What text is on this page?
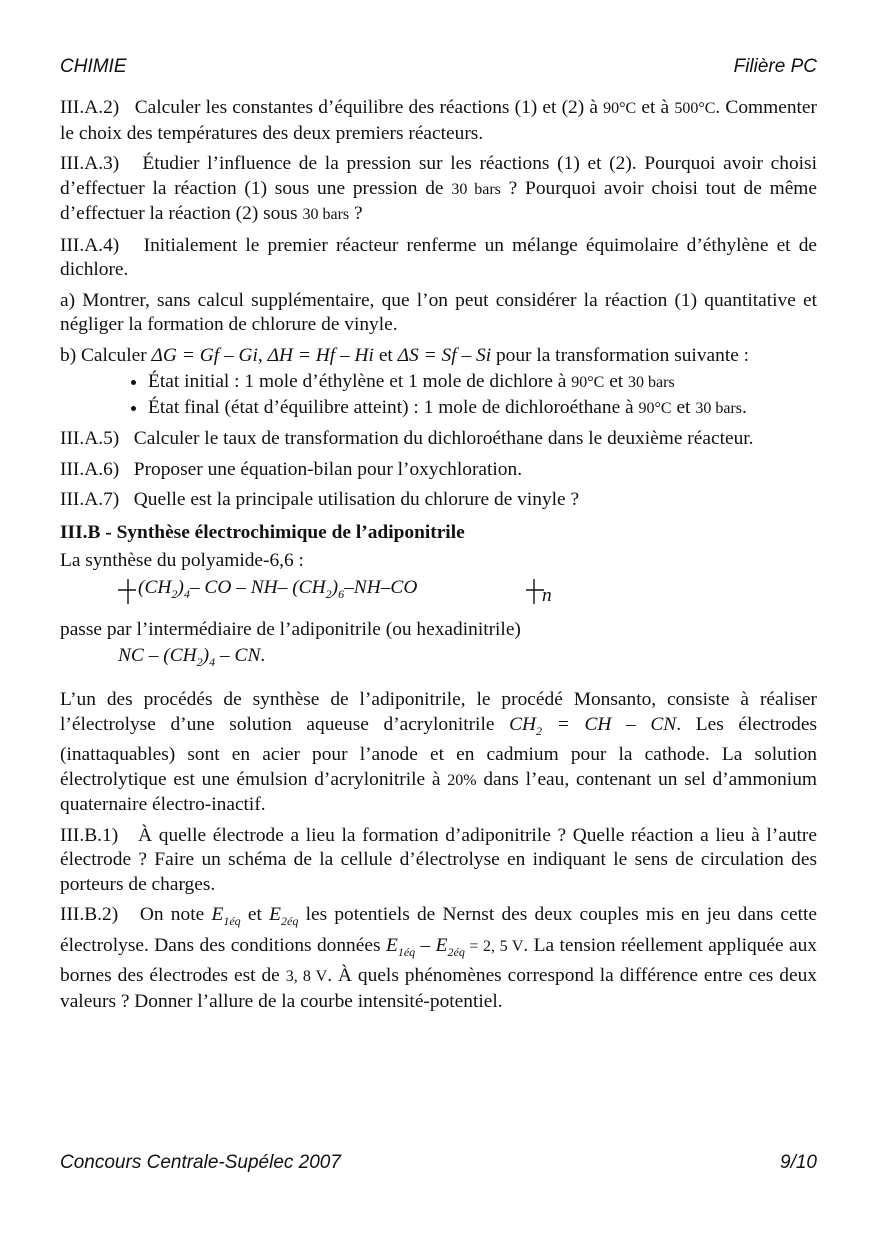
CHIMIE	Filière PC

III.A.2) Calculer les constantes d’équilibre des réactions (1) et (2) à 90°C et à 500°C. Commenter le choix des températures des deux premiers réacteurs.

III.A.3) Étudier l’influence de la pression sur les réactions (1) et (2). Pourquoi avoir choisi d’effectuer la réaction (1) sous une pression de 30 bars ? Pourquoi avoir choisi tout de même d’effectuer la réaction (2) sous 30 bars ?

III.A.4) Initialement le premier réacteur renferme un mélange équimolaire d’éthylène et de dichlore.

a) Montrer, sans calcul supplémentaire, que l’on peut considérer la réaction (1) quantitative et négliger la formation de chlorure de vinyle.

b) Calculer ΔG = Gf – Gi, ΔH = Hf – Hi et ΔS = Sf – Si pour la transformation suivante :

• État initial : 1 mole d’éthylène et 1 mole de dichlore à 90°C et 30 bars
• État final (état d’équilibre atteint) : 1 mole de dichloroéthane à 90°C et 30 bars.

III.A.5) Calculer le taux de transformation du dichloroéthane dans le deuxième réacteur.

III.A.6) Proposer une équation-bilan pour l’oxychloration.

III.A.7) Quelle est la principale utilisation du chlorure de vinyle ?

III.B - Synthèse électrochimique de l’adiponitrile

La synthèse du polyamide-6,6 :

$(CH_2)_4-$ CO – NH– $(CH_2)_6-NH-CO$	n

passe par l’intermédiaire de l’adiponitrile (ou hexadinitrile)

NC – $(CH_2)_4$ – CN.

L’un des procédés de synthèse de l’adiponitrile, le procédé Monsanto, consiste à réaliser l’électrolyse d’une solution aqueuse d’acrylonitrile $CH_2$ = CH – CN. Les électrodes (inattaquables) sont en acier pour l’anode et en cadmium pour la cathode. La solution électrolytique est une émulsion d’acrylonitrile à 20% dans l’eau, contenant un sel d’ammonium quaternaire électro-inactif.

III.B.1) À quelle électrode a lieu la formation d’adiponitrile ? Quelle réaction a lieu à l’autre électrode ? Faire un schéma de la cellule d’électrolyse en indiquant le sens de circulation des porteurs de charges.

III.B.2) On note $E_{1éq}$ et $E_{2éq}$ les potentiels de Nernst des deux couples mis en jeu dans cette électrolyse. Dans des conditions données $E_{1éq} - E_{2éq} = 2$, 5 V. La tension réellement appliquée aux bornes des électrodes est de 3, 8 V. À quels phénomènes correspond la différence entre ces deux valeurs ? Donner l’allure de la courbe intensité-potentiel.

Concours Centrale-Supélec 2007	9/10
